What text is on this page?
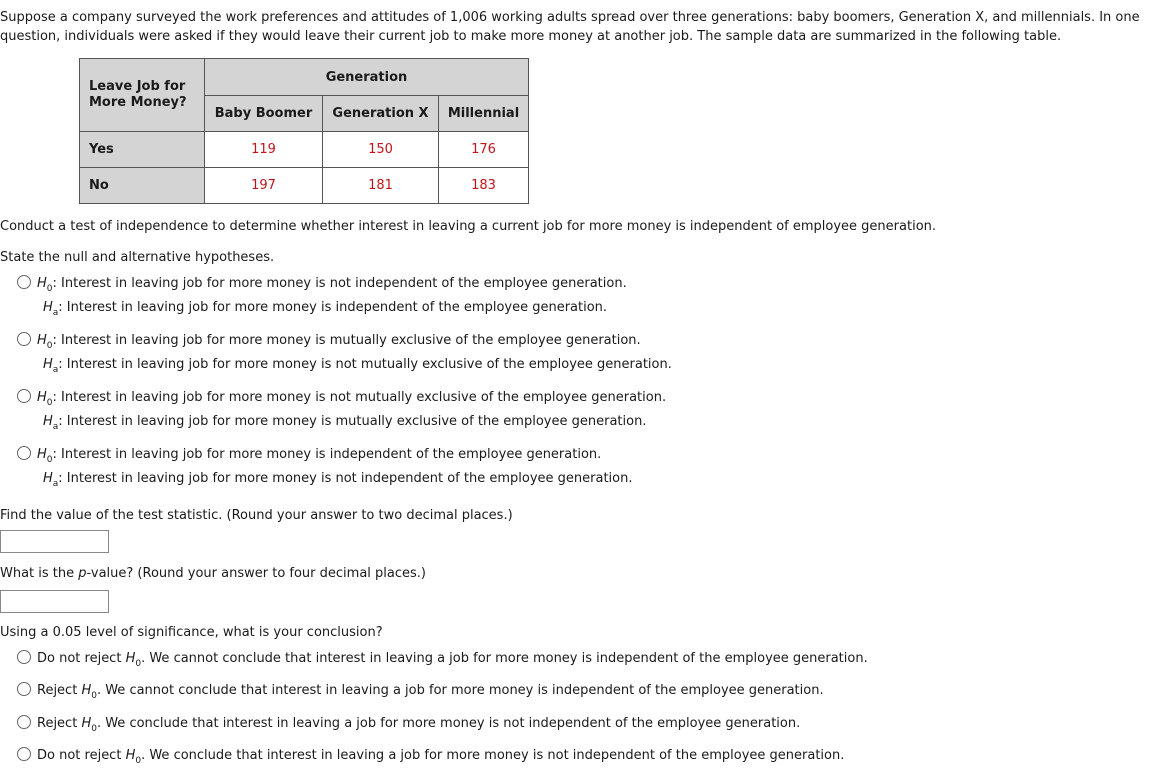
Suppose a company surveyed the work preferences and attitudes of 1,006 working adults spread over three generations: baby boomers, Generation X, and millennials. In one question, individuals were asked if they would leave their current job to make more money at another job. The sample data are summarized in the following table.

Leave Job for More Money?	Generation		
	Baby Boomer	Generation X	Millennial
Yes	119	150	176
No	197	181	183

Conduct a test of independence to determine whether interest in leaving a current job for more money is independent of employee generation.

State the null and alternative hypotheses.

$H_0$: Interest in leaving job for more money is not independent of the employee generation.
$H_a$: Interest in leaving job for more money is independent of the employee generation.
$H_0$: Interest in leaving job for more money is mutually exclusive of the employee generation.
$H_a$: Interest in leaving job for more money is not mutually exclusive of the employee generation.
$H_0$: Interest in leaving job for more money is not mutually exclusive of the employee generation.
$H_a$: Interest in leaving job for more money is mutually exclusive of the employee generation.
$H_0$: Interest in leaving job for more money is independent of the employee generation.
$H_a$: Interest in leaving job for more money is not independent of the employee generation.

Find the value of the test statistic. (Round your answer to two decimal places.)

What is the p-value? (Round your answer to four decimal places.)

Using a 0.05 level of significance, what is your conclusion?

Do not reject $H_0$. We cannot conclude that interest in leaving a job for more money is independent of the employee generation.
Reject $H_0$. We cannot conclude that interest in leaving a job for more money is independent of the employee generation.
Reject $H_0$. We conclude that interest in leaving a job for more money is not independent of the employee generation.
Do not reject $H_0$. We conclude that interest in leaving a job for more money is not independent of the employee generation.
